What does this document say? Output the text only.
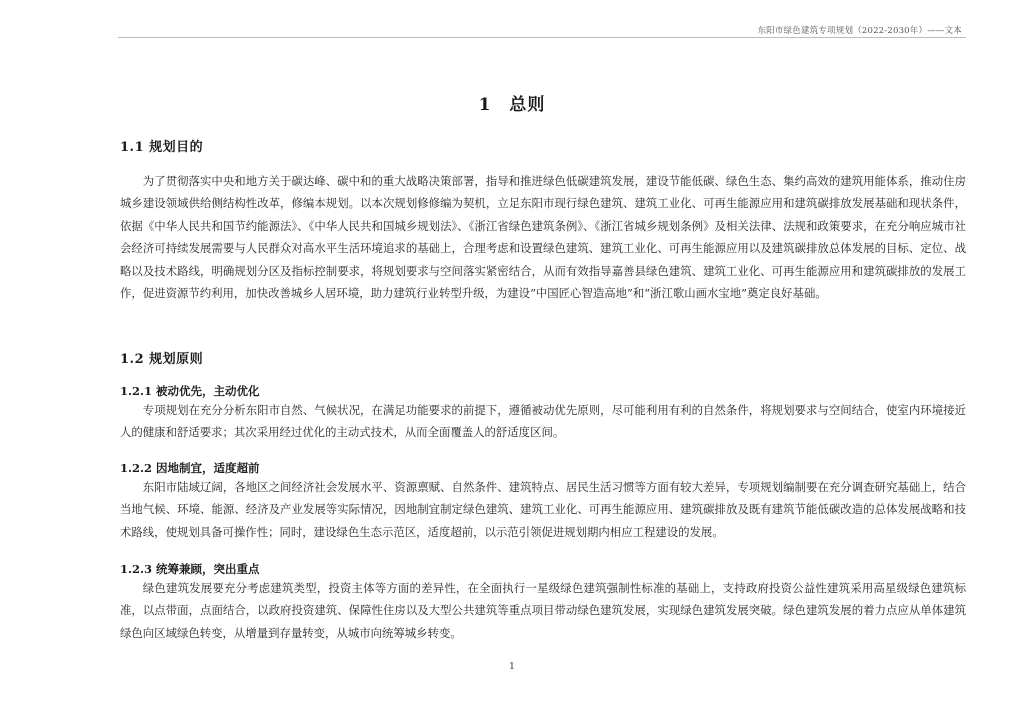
东阳市绿色建筑专项规划（2022-2030年）——文本
1　总则
1.1 规划目的

为了贯彻落实中央和地方关于碳达峰、碳中和的重大战略决策部署，指导和推进绿色低碳建筑发展，建设节能低碳、绿色生态、集约高效的建筑用能体系，推动住房城乡建设领域供给侧结构性改革，修编本规划。以本次规划修修编为契机，立足东阳市现行绿色建筑、建筑工业化、可再生能源应用和建筑碳排放发展基础和现状条件，依据《中华人民共和国节约能源法》、《中华人民共和国城乡规划法》、《浙江省绿色建筑条例》、《浙江省城乡规划条例》及相关法律、法规和政策要求，在充分响应城市社会经济可持续发展需要与人民群众对高水平生活环境追求的基础上，合理考虑和设置绿色建筑、建筑工业化、可再生能源应用以及建筑碳排放总体发展的目标、定位、战略以及技术路线，明确规划分区及指标控制要求，将规划要求与空间落实紧密结合，从而有效指导嘉善县绿色建筑、建筑工业化、可再生能源应用和建筑碳排放的发展工作，促进资源节约利用，加快改善城乡人居环境，助力建筑行业转型升级，为建设“中国匠心智造高地”和“浙江歌山画水宝地”奠定良好基础。

1.2 规划原则
1.2.1 被动优先，主动优化

专项规划在充分分析东阳市自然、气候状况，在满足功能要求的前提下，遵循被动优先原则，尽可能利用有利的自然条件，将规划要求与空间结合，使室内环境接近人的健康和舒适要求；其次采用经过优化的主动式技术，从而全面覆盖人的舒适度区间。

1.2.2 因地制宜，适度超前

东阳市陆域辽阔，各地区之间经济社会发展水平、资源禀赋、自然条件、建筑特点、居民生活习惯等方面有较大差异，专项规划编制要在充分调查研究基础上，结合当地气候、环境、能源、经济及产业发展等实际情况，因地制宜制定绿色建筑、建筑工业化、可再生能源应用、建筑碳排放及既有建筑节能低碳改造的总体发展战略和技术路线，使规划具备可操作性；同时，建设绿色生态示范区，适度超前，以示范引领促进规划期内相应工程建设的发展。

1.2.3 统筹兼顾，突出重点

绿色建筑发展要充分考虑建筑类型，投资主体等方面的差异性，在全面执行一星级绿色建筑强制性标准的基础上，支持政府投资公益性建筑采用高星级绿色建筑标准，以点带面，点面结合，以政府投资建筑、保障性住房以及大型公共建筑等重点项目带动绿色建筑发展，实现绿色建筑发展突破。绿色建筑发展的着力点应从单体建筑绿色向区域绿色转变，从增量到存量转变，从城市向统筹城乡转变。

1
